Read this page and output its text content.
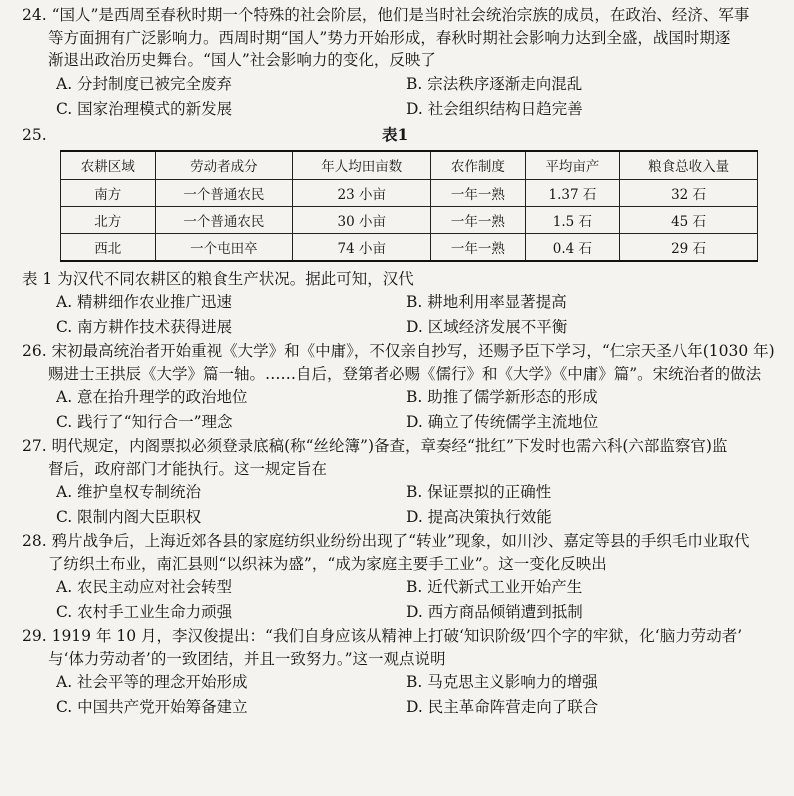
24. “国人”是西周至春秋时期一个特殊的社会阶层，他们是当时社会统治宗族的成员，在政治、经济、军事
等方面拥有广泛影响力。西周时期“国人”势力开始形成，春秋时期社会影响力达到全盛，战国时期逐
渐退出政治历史舞台。“国人”社会影响力的变化，反映了
A. 分封制度已被完全废弃	B. 宗法秩序逐渐走向混乱
C. 国家治理模式的新发展	D. 社会组织结构日趋完善
25.	表1
农耕区域	劳动者成分	年人均田亩数	农作制度	平均亩产	粮食总收入量
南方	一个普通农民	23 小亩	一年一熟	1.37 石	32 石
北方	一个普通农民	30 小亩	一年一熟	1.5 石	45 石
西北	一个屯田卒	74 小亩	一年一熟	0.4 石	29 石
表 1 为汉代不同农耕区的粮食生产状况。据此可知，汉代
A. 精耕细作农业推广迅速	B. 耕地利用率显著提高
C. 南方耕作技术获得进展	D. 区域经济发展不平衡
26. 宋初最高统治者开始重视《大学》和《中庸》，不仅亲自抄写，还赐予臣下学习，“仁宗天圣八年(1030 年)
赐进士王拱辰《大学》篇一轴。……自后，登第者必赐《儒行》和《大学》《中庸》篇”。宋统治者的做法
A. 意在抬升理学的政治地位	B. 助推了儒学新形态的形成
C. 践行了“知行合一”理念	D. 确立了传统儒学主流地位
27. 明代规定，内阁票拟必须登录底稿(称“丝纶簿”)备查，章奏经“批红”下发时也需六科(六部监察官)监
督后，政府部门才能执行。这一规定旨在
A. 维护皇权专制统治	B. 保证票拟的正确性
C. 限制内阁大臣职权	D. 提高决策执行效能
28. 鸦片战争后，上海近郊各县的家庭纺织业纷纷出现了“转业”现象，如川沙、嘉定等县的手织毛巾业取代
了纺织土布业，南汇县则“以织袜为盛”，“成为家庭主要手工业”。这一变化反映出
A. 农民主动应对社会转型	B. 近代新式工业开始产生
C. 农村手工业生命力顽强	D. 西方商品倾销遭到抵制
29. 1919 年 10 月，李汉俊提出：“我们自身应该从精神上打破‘知识阶级’四个字的牢狱，化‘脑力劳动者’
与‘体力劳动者’的一致团结，并且一致努力。”这一观点说明
A. 社会平等的理念开始形成	B. 马克思主义影响力的增强
C. 中国共产党开始筹备建立	D. 民主革命阵营走向了联合
